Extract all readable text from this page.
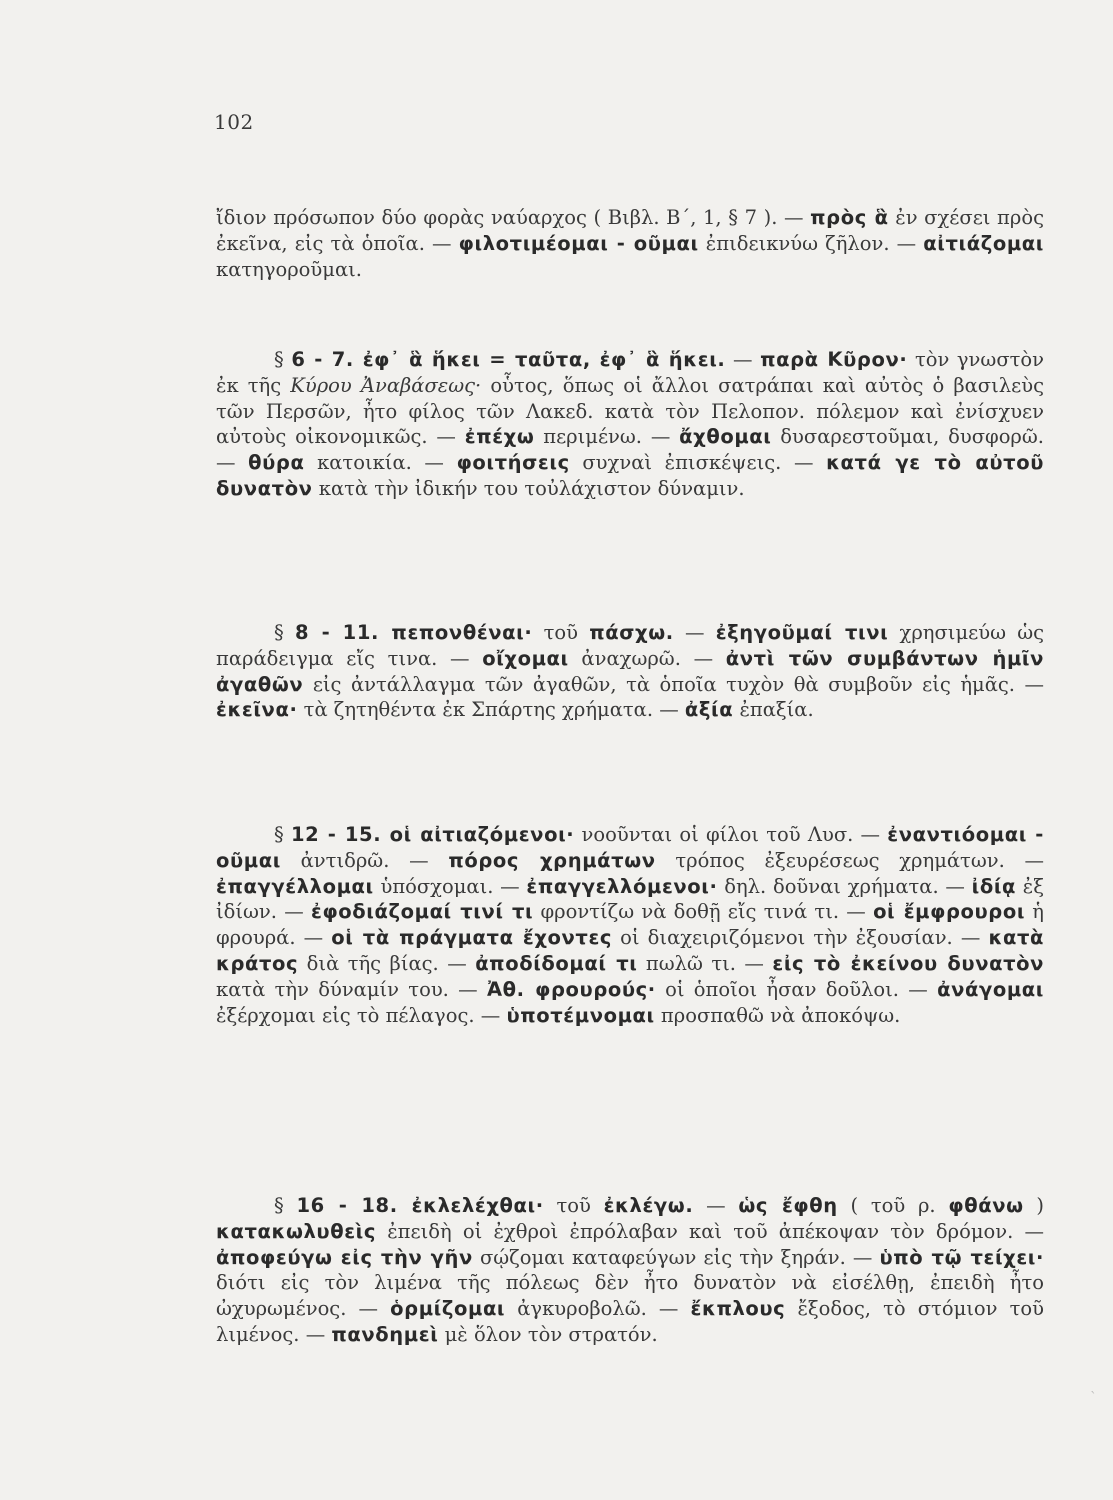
102

ἴδιον πρόσωπον δύο φορὰς ναύαρχος ( Βιβλ. Β΄, 1, § 7 ). — πρὸς ἃ ἐν σχέσει πρὸς ἐκεῖνα, εἰς τὰ ὁποῖα. — φιλοτιμέομαι - οῦμαι ἐπιδεικνύω ζῆλον. — αἰτιάζομαι κατηγοροῦμαι.

§ 6 - 7. ἐφ᾽ ἃ ἥκει = ταῦτα, ἐφ᾽ ἃ ἥκει. — παρὰ Κῦρον· τὸν γνωστὸν ἐκ τῆς Κύρου Ἀναβάσεως· οὗτος, ὅπως οἱ ἄλλοι σατράπαι καὶ αὐτὸς ὁ βασιλεὺς τῶν Περσῶν, ἦτο φίλος τῶν Λακεδ. κατὰ τὸν Πελοπον. πόλεμον καὶ ἐνίσχυεν αὐτοὺς οἰκονομικῶς. — ἐπέχω περιμένω. — ἄχθομαι δυσαρεστοῦμαι, δυσφορῶ. — θύρα κατοικία. — φοιτήσεις συχναὶ ἐπισκέψεις. — κατά γε τὸ αὐτοῦ δυνατὸν κατὰ τὴν ἰδικήν του τοὐλάχιστον δύναμιν.

§ 8 - 11. πεπονθέναι· τοῦ πάσχω. — ἐξηγοῦμαί τινι χρησιμεύω ὡς παράδειγμα εἴς τινα. — οἴχομαι ἀναχωρῶ. — ἀντὶ τῶν συμβάντων ἡμῖν ἀγαθῶν εἰς ἀντάλλαγμα τῶν ἀγαθῶν, τὰ ὁποῖα τυχὸν θὰ συμβοῦν εἰς ἡμᾶς. — ἐκεῖνα· τὰ ζητηθέντα ἐκ Σπάρτης χρήματα. — ἀξία ἐπαξία.

§ 12 - 15. οἱ αἰτιαζόμενοι· νοοῦνται οἱ φίλοι τοῦ Λυσ. — ἐναντιόομαι - οῦμαι ἀντιδρῶ. — πόρος χρημάτων τρόπος ἐξευρέσεως χρημάτων. — ἐπαγγέλλομαι ὑπόσχομαι. — ἐπαγγελλόμενοι· δηλ. δοῦναι χρήματα. — ἰδίᾳ ἐξ ἰδίων. — ἐφοδιάζομαί τινί τι φροντίζω νὰ δοθῇ εἴς τινά τι. — οἱ ἔμφρουροι ἡ φρουρά. — οἱ τὰ πράγματα ἔχοντες οἱ διαχειριζόμενοι τὴν ἐξουσίαν. — κατὰ κράτος διὰ τῆς βίας. — ἀποδίδομαί τι πωλῶ τι. — εἰς τὸ ἐκείνου δυνατὸν κατὰ τὴν δύναμίν του. — Ἀθ. φρουρούς· οἱ ὁποῖοι ἦσαν δοῦλοι. — ἀνάγομαι ἐξέρχομαι εἰς τὸ πέλαγος. — ὑποτέμνομαι προσπαθῶ νὰ ἀποκόψω.

§ 16 - 18. ἐκλελέχθαι· τοῦ ἐκλέγω. — ὡς ἔφθη ( τοῦ ρ. φθάνω ) κατακωλυθεὶς ἐπειδὴ οἱ ἐχθροὶ ἐπρόλαβαν καὶ τοῦ ἀπέκοψαν τὸν δρόμον. — ἀποφεύγω εἰς τὴν γῆν σῴζομαι καταφεύγων εἰς τὴν ξηράν. — ὑπὸ τῷ τείχει· διότι εἰς τὸν λιμένα τῆς πόλεως δὲν ἦτο δυνατὸν νὰ εἰσέλθῃ, ἐπειδὴ ἦτο ὠχυρωμένος. — ὁρμίζομαι ἀγκυροβολῶ. — ἔκπλους ἔξοδος, τὸ στόμιον τοῦ λιμένος. — πανδημεὶ μὲ ὅλον τὸν στρατόν.

`
